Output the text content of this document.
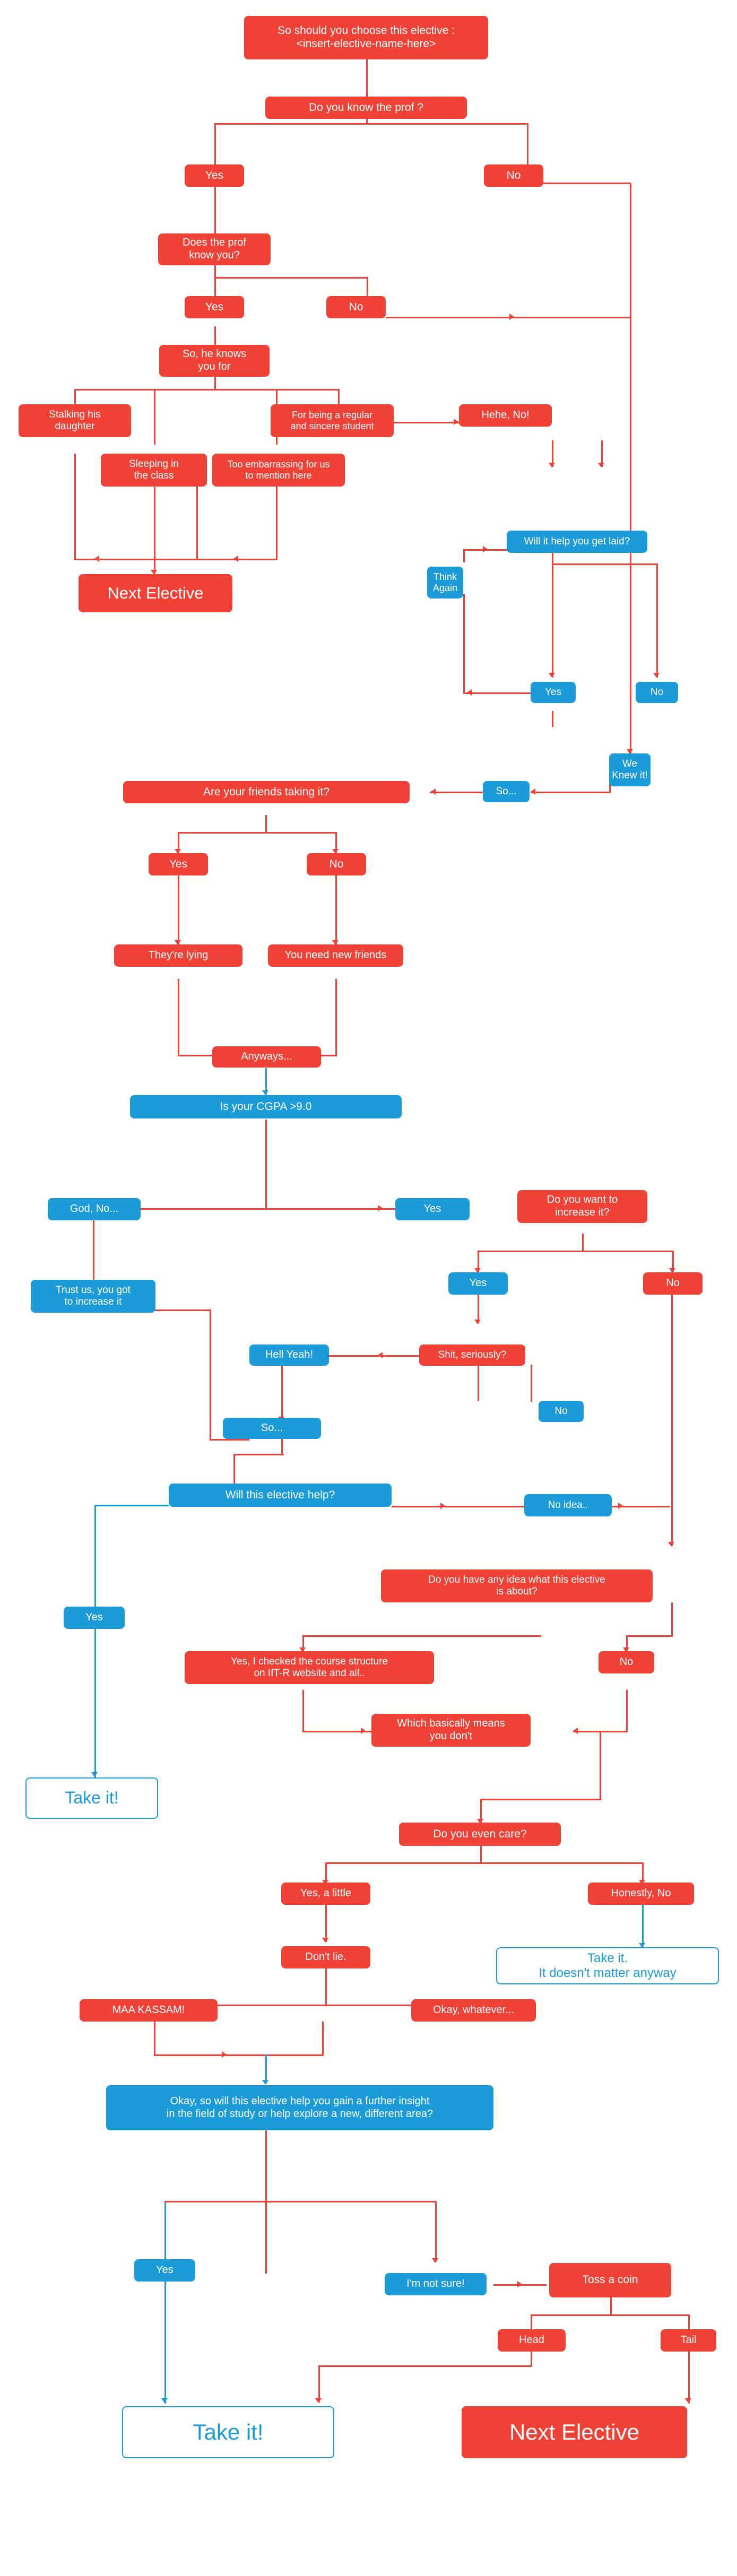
So should you choose this elective :
<insert-elective-name-here>
Do you know the prof ?
Yes	No
Does the prof
know you?
Yes	No
So, he knows
you for
Stalking his
daughter
Sleeping in
the class
Too embarrassing for us
to mention here
For being a regular
and sincere student
Next Elective
Hehe, No!
Will it help you get laid?
Think
Again
Yes	No
We
Knew it!
So...
Are your friends taking it?
Yes	No
They're lying	You need new friends
Anyways...
Is your CGPA >9.0
God, No...	Yes
Do you want to
increase it?
Yes	No
Trust us, you got
to increase it
Hell Yeah!	Shit, seriously?
No
So...
Will this elective help?
No idea..
Yes
Do you have any idea what this elective
is about?
Yes, I checked the course structure
on IIT-R website and ail..
No
Which basically means
you don't
Do you even care?
Yes, a little	Honestly, No
Don't lie.	Take it.
It doesn't matter anyway
MAA KASSAM!	Okay, whatever...
Take it!
Okay, so will this elective help you gain a further insight
in the field of study or help explore a new, different area?
Yes
I'm not sure!	Toss a coin
Head	Tail
Take it!	Next Elective
